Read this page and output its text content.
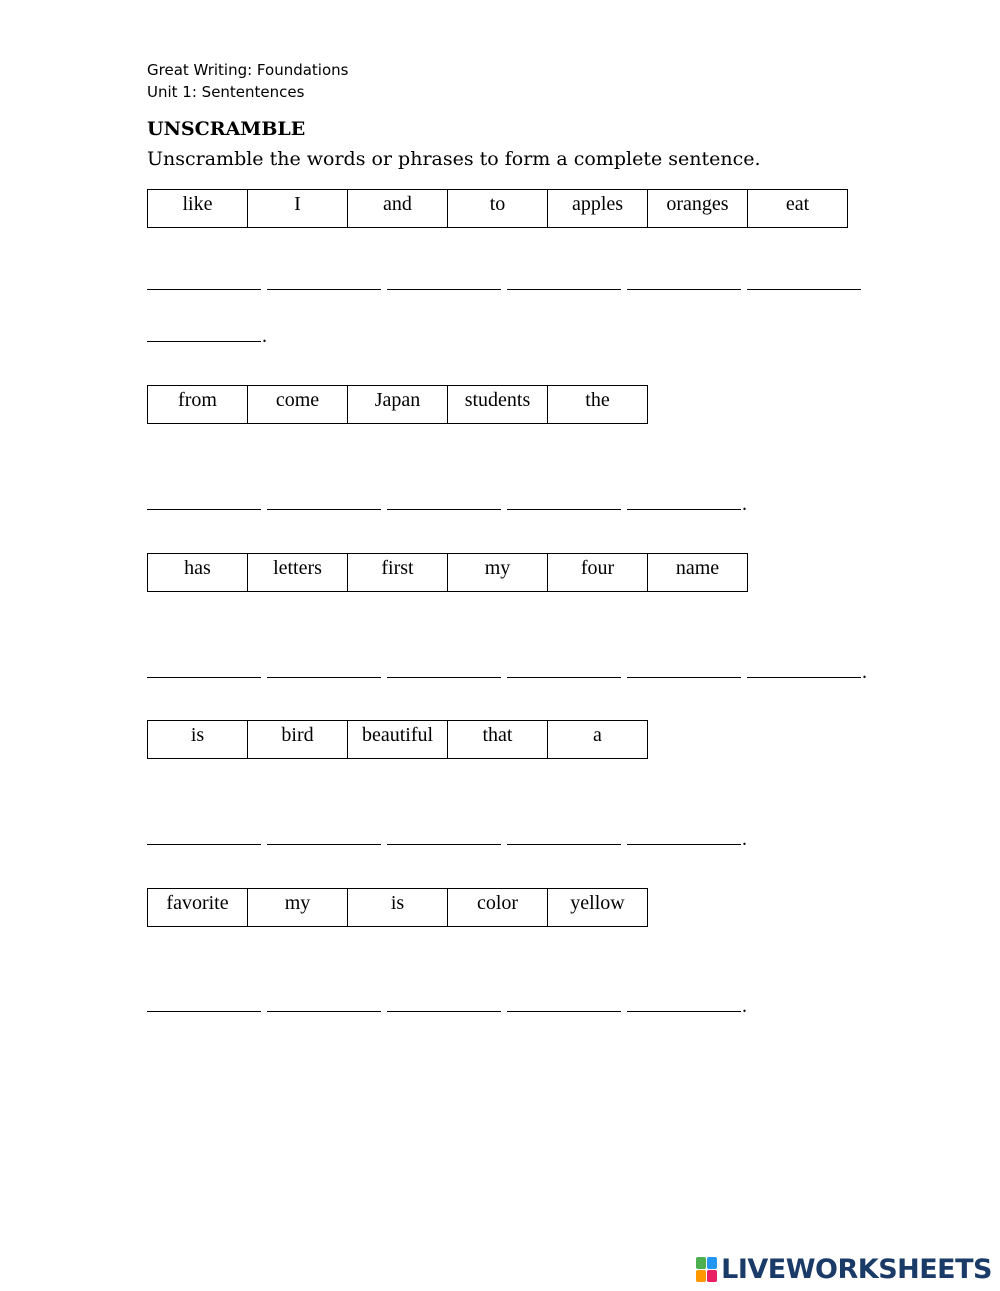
Great Writing: Foundations
Unit 1: Sententences
UNSCRAMBLE
Unscramble the words or phrases to form a complete sentence.
like	I	and	to	apples	oranges	eat
.
from	come	Japan	students	the
.
has	letters	first	my	four	name
.
is	bird	beautiful	that	a
.
favorite	my	is	color	yellow
.
LIVEWORKSHEETS
